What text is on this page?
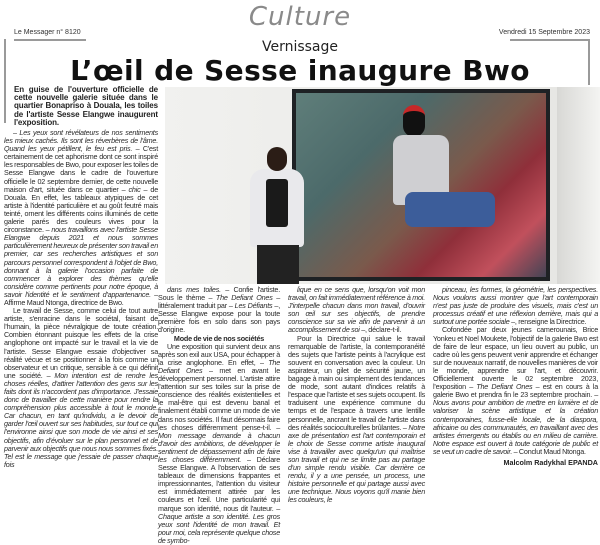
Le Messager n° 8120
Culture
Vendredi 15 Septembre 2023
Vernissage
L’œil de Sesse inaugure Bwo
En guise de l'ouverture officielle de cette nouvelle galerie située dans le quartier Bonapriso à Douala, les toiles de l'artiste Sesse Elangwe inaugurent l'exposition.

– Les yeux sont révélateurs de nos sentiments les mieux cachés. Ils sont les réverbères de l'âme. Quand les yeux pétillent, le feu est pris. – C'est certainement de cet aphorisme dont ce sont inspiré les responsables de Bwo, pour exposer les toiles de Sesse Elangwe dans le cadre de l'ouverture officielle le 02 septembre dernier, de cette nouvelle maison d'art, située dans ce quartier – chic – de Douala. En effet, les tableaux atypiques de cet artiste à l'identité particulière et au goût feutré mais teinté, ornent les différents coins illuminés de cette galerie parés des couleurs vives pour la circonstance. – nous travaillons avec l'artiste Sesse Elangwe depuis 2021 et nous sommes particulièrement heureux de présenter son travail en premier, car ses recherches artistiques et son parcours personnel correspondent à l'objet de Bwo, donnant à la galerie l'occasion parfaite de commencer à explorer des thèmes qu'elle considère comme pertinents pour notre époque, à savoir l'identité et le sentiment d'appartenance. – Affirme Maud Ntonga, directrice de Bwo.

Le travail de Sesse, comme celui de tout autre artiste, s'enracine dans le sociétal, faisant de l'humain, la pièce névralgique de toute création. Combien étonnant puisque les effets de la crise anglophone ont impacté sur le travail et la vie de l'artiste. Sesse Elangwe essaie d'objectiver sa réalité vécue et se positionner à la fois comme un observateur et un critique, sensible à ce qui définit une société. – Mon intention est de rendre les choses réelles, d'attirer l'attention des gens sur les faits dont ils n'accordent pas d'importance. J'essaie donc de travailler de cette manière pour rendre la compréhension plus accessible à tout le monde. Car chacun, en tant qu'individu, a le devoir de garder l'œil ouvert sur ses habitudes, sur tout ce qui l'environne ainsi que son mode de vie ainsi et ses objectifs, afin d'évoluer sur le plan personnel et de parvenir aux objectifs que nous nous sommes fixés. Tel est le message que j'essaie de passer chaque fois

dans mes toiles. – Confie l'artiste. Sous le thème – The Defiant Ones – littéralement traduit par – Les Défiants –, Sesse Elangwe expose pour la toute première fois en solo dans son pays d'origine.

Mode de vie de nos sociétés

Une exposition qui survient deux ans après son exil aux USA, pour échapper à la crise anglophone. En effet, – The Defiant Ones – met en avant le développement personnel. L'artiste attire l'attention sur ses toiles sur la prise de conscience des réalités existentielles et le mal-être qui est devenu banal et finalement établi comme un mode de vie dans nos sociétés. Il faut désormais faire les choses différemment pense-t-il. – Mon message demande à chacun d'avoir des ambitions, de développer le sentiment de dépassement afin de faire les choses différemment. – Déclare Sesse Elangwe. A l'observation de ses tableaux de dimensions frappantes et impressionnantes, l'attention du visiteur est immédiatement attirée par les couleurs et l'œil. Une particularité qui marque son identité, nous dit l'auteur. – Chaque artiste a son identité. Les gros yeux sont l'identité de mon travail. Et pour moi, cela représente quelque chose de symbo-

lique en ce sens que, lorsqu'on voit mon travail, on fait immédiatement référence à moi. J'interpelle chacun dans mon travail, d'ouvrir son œil sur ses objectifs, de prendre conscience sur sa vie afin de parvenir à un accomplissement de soi –, déclare-t-il.

Pour la Directrice qui salue le travail remarquable de l'artiste, la contemporanéité des sujets que l'artiste peints à l'acrylique est souvent en conversation avec la couleur. Un aspirateur, un gilet de sécurité jaune, un bagage à main ou simplement des tendances de mode, sont autant d'indices relatifs à l'espace que l'artiste et ses sujets occupent. Ils traduisent une expérience commune du temps et de l'espace à travers une lentille personnelle, ancrant le travail de l'artiste dans des réalités socioculturelles brûlantes. – Notre axe de présentation est l'art contemporain et le choix de Sesse comme artiste inaugural vise à travailler avec quelqu'un qui maîtrise son travail et qui ne se limite pas au partage d'un simple rendu visible. Car derrière ce rendu, il y a une pensée, un process, une histoire personnelle et qui partage aussi avec une technique. Nous voyons qu'il manie bien les couleurs, le

pinceau, les formes, la géométrie, les perspectives. Nous voulons aussi montrer que l'art contemporain n'est pas juste de produire des visuels, mais c'est un processus créatif et une réflexion derrière, mais qui a surtout une portée sociale –, renseigne la Directrice.

Cofondée par deux jeunes camerounais, Brice Yonkeu et Noel Moukete, l'objectif de la galerie Bwo est de faire de leur espace, un lieu ouvert au public, un cadre où les gens peuvent venir apprendre et échanger sur de nouveaux narratif, de nouvelles manières de voir le monde, apprendre sur l'art, et découvrir. Officiellement ouverte le 02 septembre 2023, l'exposition – The Defiant Ones – est en cours à la galerie Bwo et prendra fin le 23 septembre prochain. – Nous avons pour ambition de mettre en lumière et de valoriser la scène artistique et la création contemporaines, fusse-elle locale, de la diaspora, africaine ou des communautés, en travaillant avec des artistes émergents ou établis ou en milieu de carrière. Notre espace est ouvert à toute catégorie de public et se veut un cadre de savoir. – Conclut Maud Ntonga.

Malcolm Radykhal EPANDA
